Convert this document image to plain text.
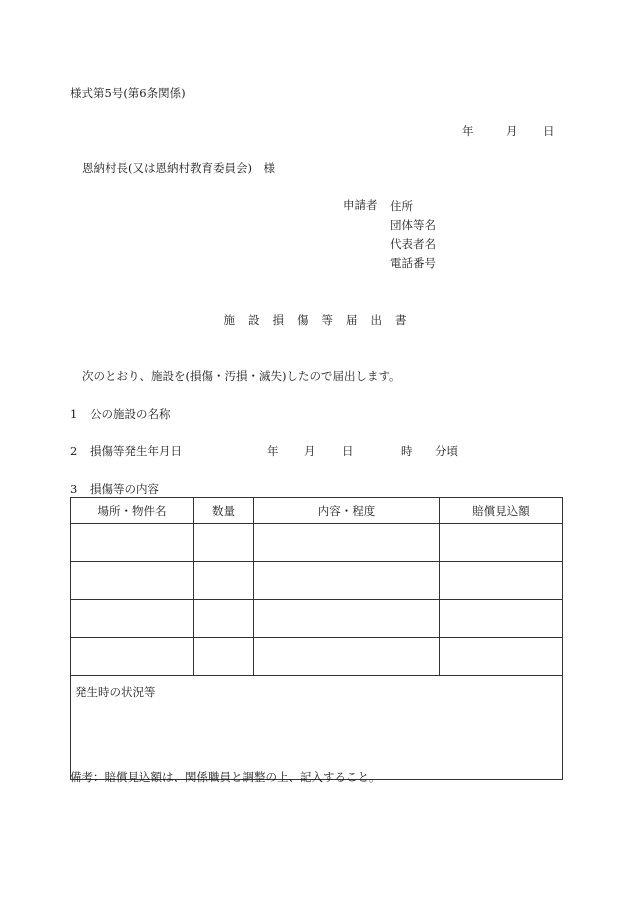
様式第5号(第6条関係)
年	月 日
恩納村長(又は恩納村教育委員会)　様
申請者 住所
団体等名
代表者名
電話番号
施設損傷等届出書
次のとおり、施設を(損傷・汚損・滅失)したので届出します。
1 公の施設の名称
2 損傷等発生年月日	年 月 日	時 分頃
3 損傷等の内容
場所・物件名	数量	内容・程度	賠償見込額

発生時の状況等			
備考：賠償見込額は、関係職員と調整の上、記入すること。
